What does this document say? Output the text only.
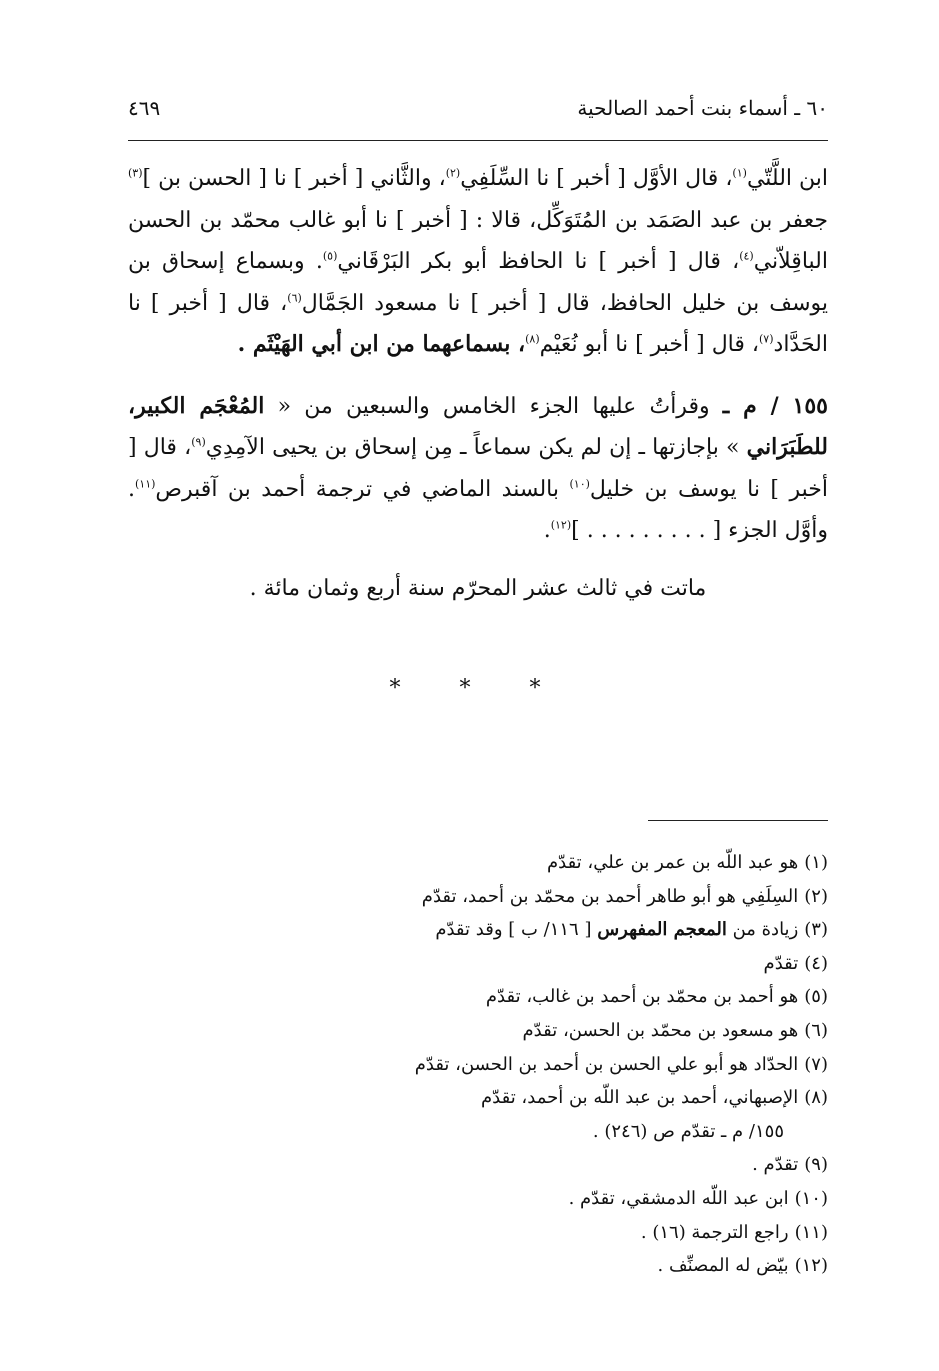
٦٠ ـ أسماء بنت أحمد الصالحية
٤٦٩

ابن اللَّتّي$^{(١)}$، قال الأوَّل [ أخبر ] نا السِّلَفِي$^{(٢)}$، والثَّاني [ أخبر ] نا [ الحسن بن ]$^{(٣)}$ جعفر بن عبد الصَمَد بن المُتَوَكِّل، قالا : [ أخبر ] نا أبو غالب محمّد بن الحسن الباقِلاّني$^{(٤)}$، قال [ أخبر ] نا الحافظ أبو بكر البَرْقَاني$^{(٥)}$. وبسماع إسحاق بن يوسف بن خليل الحافظ، قال [ أخبر ] نا مسعود الجَمَّال$^{(٦)}$، قال [ أخبر ] نا الحَدَّاد$^{(٧)}$، قال [ أخبر ] نا أبو نُعَيْم$^{(٨)}$، بسماعهما من ابن أبي الهَيْثَم .

١٥٥ / م ـ وقرأتُ عليها الجزء الخامس والسبعين من « المُعْجَم الكبير، للطَبَرَاني » بإجازتها ـ إن لم يكن سماعاً ـ مِن إسحاق بن يحيى الآمِدِي$^{(٩)}$، قال [ أخبر ] نا يوسف بن خليل$^{(١٠)}$ بالسند الماضي في ترجمة أحمد بن آقبرص$^{(١١)}$. وأوَّل الجزء [ . . . . . . . . . ]$^{(١٢)}$.

ماتت في ثالث عشر المحرّم سنة أربع وثمان مائة .

* * *
(١)هو عبد اللّه بن عمر بن علي، تقدّم
(٢)السِلَفِي هو أبو طاهر أحمد بن محمّد بن أحمد، تقدّم
(٣)زيادة من المعجم المفهرس [ ١١٦/ ب ] وقد تقدّم
(٤)تقدّم
(٥)هو أحمد بن محمّد بن أحمد بن غالب، تقدّم
(٦)هو مسعود بن محمّد بن الحسن، تقدّم
(٧)الحدّاد هو أبو علي الحسن بن أحمد بن الحسن، تقدّم
(٨)الإصبهاني، أحمد بن عبد اللّه بن أحمد، تقدّم
١٥٥/ م ـ تقدّم ص (٢٤٦) .
(٩)تقدّم .
(١٠)ابن عبد اللّه الدمشقي، تقدّم .
(١١)راجع الترجمة (١٦) .
(١٢)بيّض له المصنِّف .
